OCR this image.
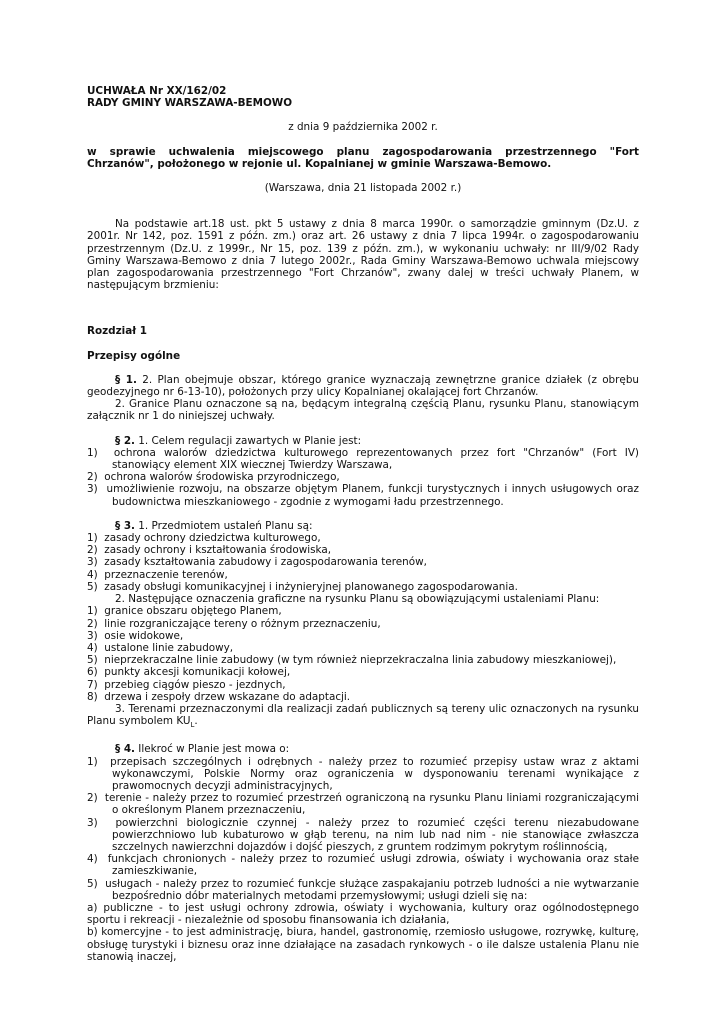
UCHWAŁA Nr XX/162/02

RADY GMINY WARSZAWA-BEMOWO

z dnia 9 października 2002 r.

w sprawie uchwalenia miejscowego planu zagospodarowania przestrzennego "Fort Chrzanów", położonego w rejonie ul. Kopalnianej w gminie Warszawa-Bemowo.

(Warszawa, dnia 21 listopada 2002 r.)

Na podstawie art.18 ust. pkt 5 ustawy z dnia 8 marca 1990r. o samorządzie gminnym (Dz.U. z 2001r. Nr 142, poz. 1591 z późn. zm.) oraz art. 26 ustawy z dnia 7 lipca 1994r. o zagospodarowaniu przestrzennym (Dz.U. z 1999r., Nr 15, poz. 139 z późn. zm.), w wykonaniu uchwały: nr III/9/02 Rady Gminy Warszawa-Bemowo z dnia 7 lutego 2002r., Rada Gminy Warszawa-Bemowo uchwala miejscowy plan zagospodarowania przestrzennego "Fort Chrzanów", zwany dalej w treści uchwały Planem, w następującym brzmieniu:

Rozdział 1

Przepisy ogólne

§ 1. 2. Plan obejmuje obszar, którego granice wyznaczają zewnętrzne granice działek (z obrębu geodezyjnego nr 6-13-10), położonych przy ulicy Kopalnianej okalającej fort Chrzanów.

2. Granice Planu oznaczone są na, będącym integralną częścią Planu, rysunku Planu, stanowiącym załącznik nr 1 do niniejszej uchwały.

§ 2. 1. Celem regulacji zawartych w Planie jest:

1) ochrona walorów dziedzictwa kulturowego reprezentowanych przez fort "Chrzanów" (Fort IV) stanowiący element XIX wiecznej Twierdzy Warszawa,

2) ochrona walorów środowiska przyrodniczego,

3) umożliwienie rozwoju, na obszarze objętym Planem, funkcji turystycznych i innych usługowych oraz budownictwa mieszkaniowego - zgodnie z wymogami ładu przestrzennego.

§ 3. 1. Przedmiotem ustaleń Planu są:

1) zasady ochrony dziedzictwa kulturowego,

2) zasady ochrony i kształtowania środowiska,

3) zasady kształtowania zabudowy i zagospodarowania terenów,

4) przeznaczenie terenów,

5) zasady obsługi komunikacyjnej i inżynieryjnej planowanego zagospodarowania.

2. Następujące oznaczenia graficzne na rysunku Planu są obowiązującymi ustaleniami Planu:

1) granice obszaru objętego Planem,

2) linie rozgraniczające tereny o różnym przeznaczeniu,

3) osie widokowe,

4) ustalone linie zabudowy,

5) nieprzekraczalne linie zabudowy (w tym również nieprzekraczalna linia zabudowy mieszkaniowej),

6) punkty akcesji komunikacji kołowej,

7) przebieg ciągów pieszo - jezdnych,

8) drzewa i zespoły drzew wskazane do adaptacji.

3. Terenami przeznaczonymi dla realizacji zadań publicznych są tereny ulic oznaczonych na rysunku Planu symbolem $KU_L$.

§ 4. Ilekroć w Planie jest mowa o:

1) przepisach szczególnych i odrębnych - należy przez to rozumieć przepisy ustaw wraz z aktami wykonawczymi, Polskie Normy oraz ograniczenia w dysponowaniu terenami wynikające z prawomocnych decyzji administracyjnych,

2) terenie - należy przez to rozumieć przestrzeń ograniczoną na rysunku Planu liniami rozgraniczającymi o określonym Planem przeznaczeniu,

3) powierzchni biologicznie czynnej - należy przez to rozumieć części terenu niezabudowane powierzchniowo lub kubaturowo w głąb terenu, na nim lub nad nim - nie stanowiące zwłaszcza szczelnych nawierzchni dojazdów i dojść pieszych, z gruntem rodzimym pokrytym roślinnością,

4) funkcjach chronionych - należy przez to rozumieć usługi zdrowia, oświaty i wychowania oraz stałe zamieszkiwanie,

5) usługach - należy przez to rozumieć funkcje służące zaspakajaniu potrzeb ludności a nie wytwarzanie bezpośrednio dóbr materialnych metodami przemysłowymi; usługi dzieli się na:

a) publiczne - to jest usługi ochrony zdrowia, oświaty i wychowania, kultury oraz ogólnodostępnego sportu i rekreacji - niezależnie od sposobu finansowania ich działania,

b) komercyjne - to jest administrację, biura, handel, gastronomię, rzemiosło usługowe, rozrywkę, kulturę, obsługę turystyki i biznesu oraz inne działające na zasadach rynkowych - o ile dalsze ustalenia Planu nie stanowią inaczej,
